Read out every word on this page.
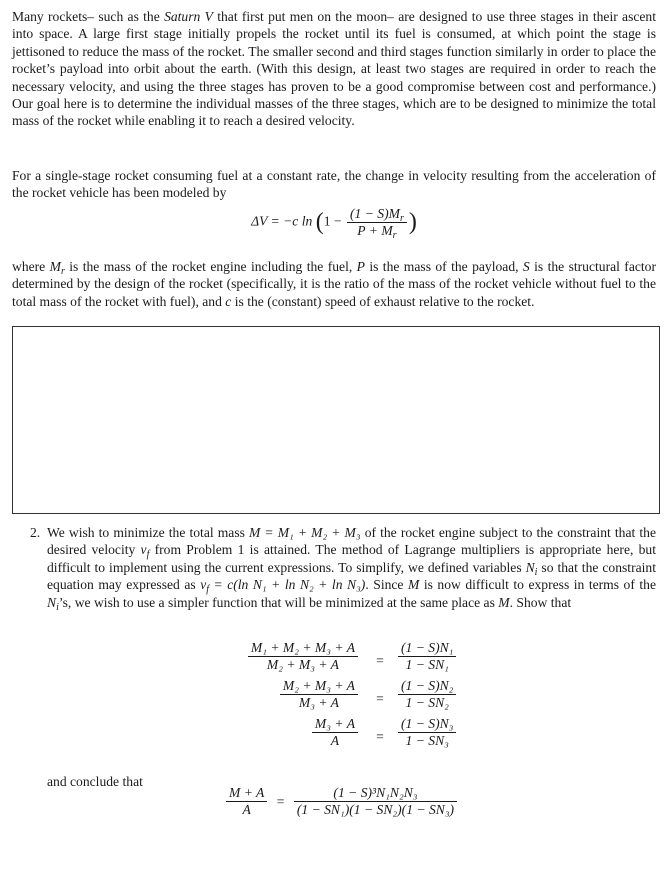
Many rockets– such as the Saturn V that first put men on the moon– are designed to use three stages in their ascent into space. A large first stage initially propels the rocket until its fuel is consumed, at which point the stage is jettisoned to reduce the mass of the rocket. The smaller second and third stages function similarly in order to place the rocket’s payload into orbit about the earth. (With this design, at least two stages are required in order to reach the necessary velocity, and using the three stages has proven to be a good compromise between cost and performance.) Our goal here is to determine the individual masses of the three stages, which are to be designed to minimize the total mass of the rocket while enabling it to reach a desired velocity.

For a single-stage rocket consuming fuel at a constant rate, the change in velocity resulting from the acceleration of the rocket vehicle has been modeled by

ΔV = −c $\ln (1 - \frac{(1 - S)M_r}{P + M_r}$ )

where $M_r$ is the mass of the rocket engine including the fuel, P is the mass of the payload, S is the structural factor determined by the design of the rocket (specifically, it is the ratio of the mass of the rocket vehicle without fuel to the total mass of the rocket with fuel), and c is the (constant) speed of exhaust relative to the rocket.

2. We wish to minimize the total mass M = M₁ + M₂ + M₃ of the rocket engine subject to the constraint that the desired velocity $v_f$ from Problem 1 is attained. The method of Lagrange multipliers is appropriate here, but difficult to implement using the current expressions. To simplify, we defined variables $N_i$ so that the constraint equation may expressed as $v_f = c(\ln$ N₁ + ln N₂ + ln N₃). Since M is now difficult to express in terms of the $N_i’s$, we wish to use a simpler function that will be minimized at the same place as M. Show that

$\frac{\text{M₁ + M₂ + M₃ + A}}{\text{M₂ + M₃ + A}} = \frac{\text{(1 − S)N₁}}{\text{1 − SN₁}}$
$\frac{\text{M₂ + M₃ + A}}{\text{M₃ + A}} = \frac{\text{(1 − S)N₂}}{\text{1 − SN₂}}$
$\frac{\text{M₃ + A}}{A} = \frac{\text{(1 − S)N₃}}{\text{1 − SN₃}}$
and conclude that
$\frac{M + A}{A} = \frac{\text{(1 − S)³N₁N₂N₃}}{\text{(1 − SN₁)(1 − SN₂)(1 − SN₃)}}$
